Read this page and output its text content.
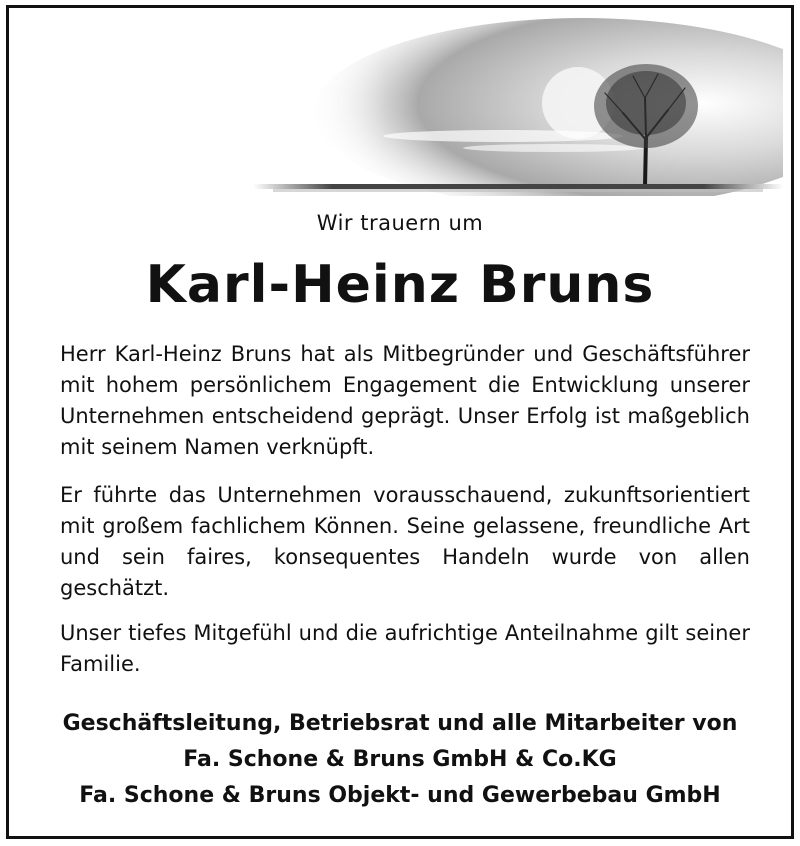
Wir trauern um
Karl-Heinz Bruns
Herr Karl-Heinz Bruns hat als Mitbegründer und Geschäftsführer mit hohem persönlichem Engagement die Entwicklung unserer Unternehmen entscheidend geprägt. Unser Erfolg ist maßgeblich mit seinem Namen verknüpft.
Er führte das Unternehmen vorausschauend, zukunftsorientiert mit großem fachlichem Können. Seine gelassene, freundliche Art und sein faires, konsequentes Handeln wurde von allen geschätzt.
Unser tiefes Mitgefühl und die aufrichtige Anteilnahme gilt seiner Familie.
Geschäftsleitung, Betriebsrat und alle Mitarbeiter von
Fa. Schone & Bruns GmbH & Co.KG
Fa. Schone & Bruns Objekt- und Gewerbebau GmbH
